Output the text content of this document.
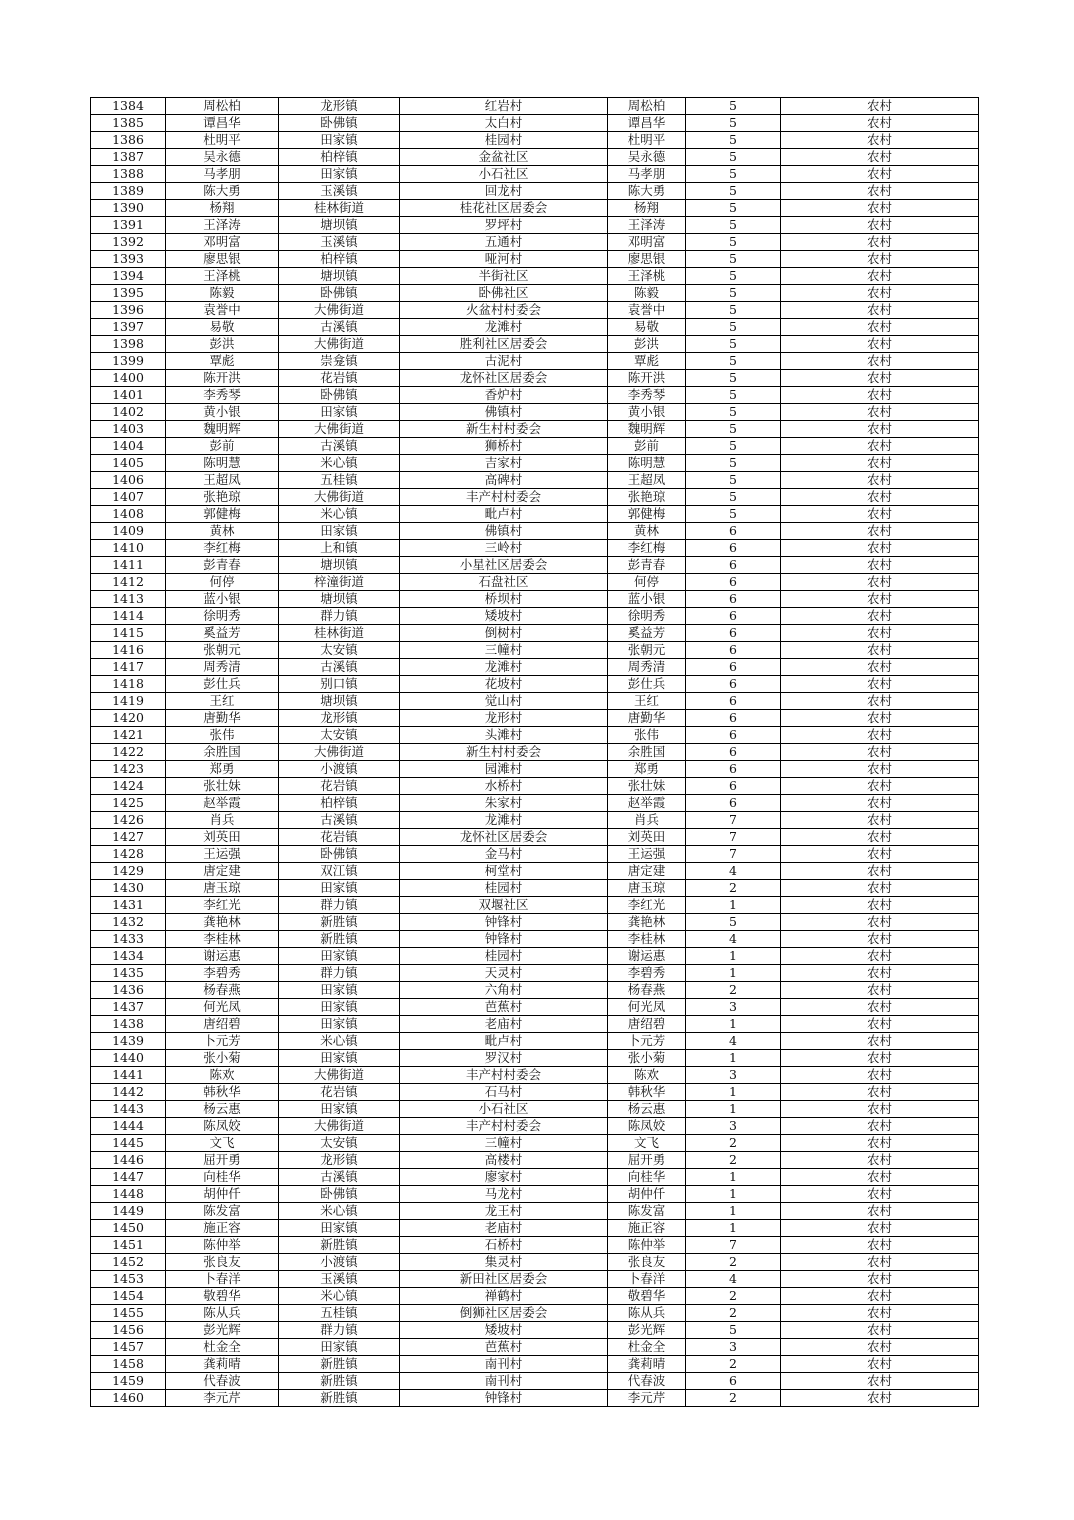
1384	周松柏	龙形镇	红岩村	周松柏	5	农村
1385	谭昌华	卧佛镇	太白村	谭昌华	5	农村
1386	杜明平	田家镇	桂园村	杜明平	5	农村
1387	吴永德	柏梓镇	金盆社区	吴永德	5	农村
1388	马孝朋	田家镇	小石社区	马孝朋	5	农村
1389	陈大勇	玉溪镇	回龙村	陈大勇	5	农村
1390	杨翔	桂林街道	桂花社区居委会	杨翔	5	农村
1391	王泽涛	塘坝镇	罗坪村	王泽涛	5	农村
1392	邓明富	玉溪镇	五通村	邓明富	5	农村
1393	廖思银	柏梓镇	哑河村	廖思银	5	农村
1394	王泽桃	塘坝镇	半街社区	王泽桃	5	农村
1395	陈毅	卧佛镇	卧佛社区	陈毅	5	农村
1396	袁誉中	大佛街道	火盆村村委会	袁誉中	5	农村
1397	易敬	古溪镇	龙滩村	易敬	5	农村
1398	彭洪	大佛街道	胜利社区居委会	彭洪	5	农村
1399	覃彪	崇龛镇	古泥村	覃彪	5	农村
1400	陈开洪	花岩镇	龙怀社区居委会	陈开洪	5	农村
1401	李秀琴	卧佛镇	香炉村	李秀琴	5	农村
1402	黄小银	田家镇	佛镇村	黄小银	5	农村
1403	魏明辉	大佛街道	新生村村委会	魏明辉	5	农村
1404	彭前	古溪镇	狮桥村	彭前	5	农村
1405	陈明慧	米心镇	吉家村	陈明慧	5	农村
1406	王超凤	五桂镇	高碑村	王超凤	5	农村
1407	张艳琼	大佛街道	丰产村村委会	张艳琼	5	农村
1408	郭健梅	米心镇	毗卢村	郭健梅	5	农村
1409	黄林	田家镇	佛镇村	黄林	6	农村
1410	李红梅	上和镇	三岭村	李红梅	6	农村
1411	彭青春	塘坝镇	小星社区居委会	彭青春	6	农村
1412	何停	梓潼街道	石盘社区	何停	6	农村
1413	蓝小银	塘坝镇	桥坝村	蓝小银	6	农村
1414	徐明秀	群力镇	矮坡村	徐明秀	6	农村
1415	奚益芳	桂林街道	倒树村	奚益芳	6	农村
1416	张朝元	太安镇	三幢村	张朝元	6	农村
1417	周秀清	古溪镇	龙滩村	周秀清	6	农村
1418	彭仕兵	别口镇	花坡村	彭仕兵	6	农村
1419	王红	塘坝镇	觉山村	王红	6	农村
1420	唐勤华	龙形镇	龙形村	唐勤华	6	农村
1421	张伟	太安镇	头滩村	张伟	6	农村
1422	余胜国	大佛街道	新生村村委会	余胜国	6	农村
1423	郑勇	小渡镇	园滩村	郑勇	6	农村
1424	张壮妹	花岩镇	水桥村	张壮妹	6	农村
1425	赵举霞	柏梓镇	朱家村	赵举霞	6	农村
1426	肖兵	古溪镇	龙滩村	肖兵	7	农村
1427	刘英田	花岩镇	龙怀社区居委会	刘英田	7	农村
1428	王运强	卧佛镇	金马村	王运强	7	农村
1429	唐定建	双江镇	柯堂村	唐定建	4	农村
1430	唐玉琼	田家镇	桂园村	唐玉琼	2	农村
1431	李红光	群力镇	双堰社区	李红光	1	农村
1432	龚艳林	新胜镇	钟锋村	龚艳林	5	农村
1433	李桂林	新胜镇	钟锋村	李桂林	4	农村
1434	谢运惠	田家镇	桂园村	谢运惠	1	农村
1435	李碧秀	群力镇	天灵村	李碧秀	1	农村
1436	杨春燕	田家镇	六角村	杨春燕	2	农村
1437	何光凤	田家镇	芭蕉村	何光凤	3	农村
1438	唐绍碧	田家镇	老庙村	唐绍碧	1	农村
1439	卜元芳	米心镇	毗卢村	卜元芳	4	农村
1440	张小菊	田家镇	罗汉村	张小菊	1	农村
1441	陈欢	大佛街道	丰产村村委会	陈欢	3	农村
1442	韩秋华	花岩镇	石马村	韩秋华	1	农村
1443	杨云惠	田家镇	小石社区	杨云惠	1	农村
1444	陈凤姣	大佛街道	丰产村村委会	陈凤姣	3	农村
1445	文飞	太安镇	三幢村	文飞	2	农村
1446	屈开勇	龙形镇	高楼村	屈开勇	2	农村
1447	向桂华	古溪镇	廖家村	向桂华	1	农村
1448	胡仲仟	卧佛镇	马龙村	胡仲仟	1	农村
1449	陈发富	米心镇	龙王村	陈发富	1	农村
1450	施正容	田家镇	老庙村	施正容	1	农村
1451	陈仲举	新胜镇	石桥村	陈仲举	7	农村
1452	张良友	小渡镇	集灵村	张良友	2	农村
1453	卜春洋	玉溪镇	新田社区居委会	卜春洋	4	农村
1454	敬碧华	米心镇	禅鹤村	敬碧华	2	农村
1455	陈从兵	五桂镇	倒狮社区居委会	陈从兵	2	农村
1456	彭光辉	群力镇	矮坡村	彭光辉	5	农村
1457	杜金全	田家镇	芭蕉村	杜金全	3	农村
1458	龚莉晴	新胜镇	南刊村	龚莉晴	2	农村
1459	代春波	新胜镇	南刊村	代春波	6	农村
1460	李元芹	新胜镇	钟锋村	李元芹	2	农村
